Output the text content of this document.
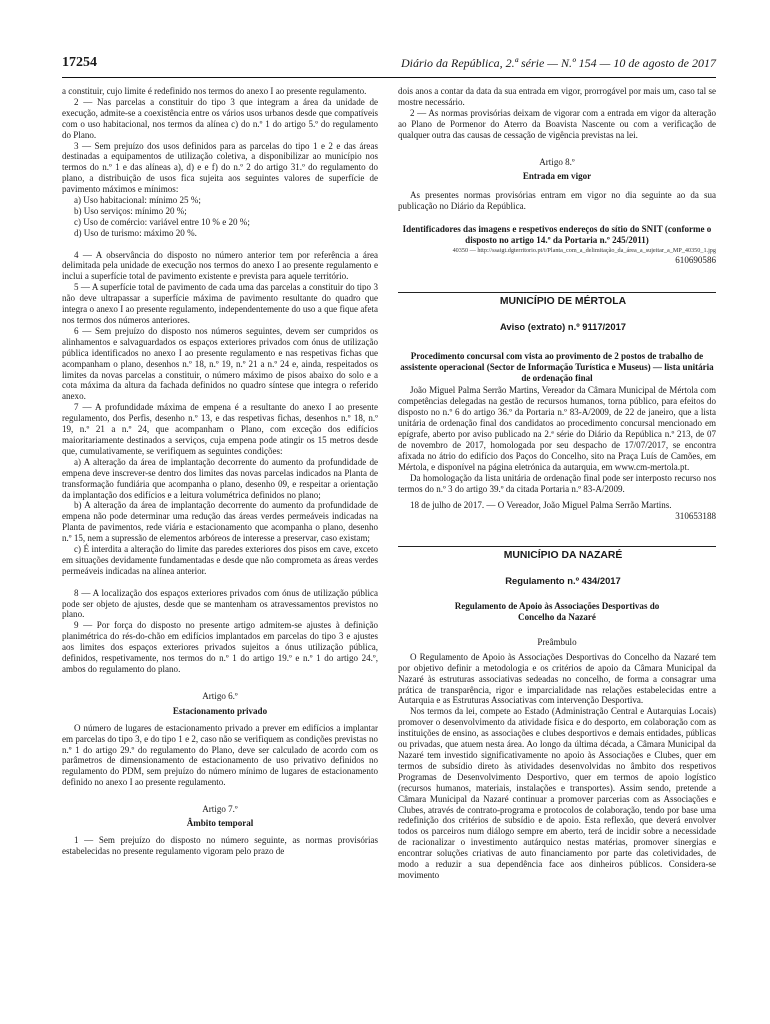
17254	Diário da República, 2.ª série — N.º 154 — 10 de agosto de 2017

a constituir, cujo limite é redefinido nos termos do anexo I ao presente regulamento.

2 — Nas parcelas a constituir do tipo 3 que integram a área da unidade de execução, admite-se a coexistência entre os vários usos urbanos desde que compatíveis com o uso habitacional, nos termos da alínea c) do n.º 1 do artigo 5.º do regulamento do Plano.

3 — Sem prejuízo dos usos definidos para as parcelas do tipo 1 e 2 e das áreas destinadas a equipamentos de utilização coletiva, a disponibilizar ao município nos termos do n.º 1 e das alíneas a), d) e e f) do n.º 2 do artigo 31.º do regulamento do plano, a distribuição de usos fica sujeita aos seguintes valores de superfície de pavimento máximos e mínimos:

a) Uso habitacional: mínimo 25 %;

b) Uso serviços: mínimo 20 %;

c) Uso de comércio: variável entre 10 % e 20 %;

d) Uso de turismo: máximo 20 %.

4 — A observância do disposto no número anterior tem por referência a área delimitada pela unidade de execução nos termos do anexo I ao presente regulamento e inclui a superfície total de pavimento existente e prevista para aquele território.

5 — A superfície total de pavimento de cada uma das parcelas a constituir do tipo 3 não deve ultrapassar a superfície máxima de pavimento resultante do quadro que integra o anexo I ao presente regulamento, independentemente do uso a que fique afeta nos termos dos números anteriores.

6 — Sem prejuízo do disposto nos números seguintes, devem ser cumpridos os alinhamentos e salvaguardados os espaços exteriores privados com ónus de utilização pública identificados no anexo I ao presente regulamento e nas respetivas fichas que acompanham o plano, desenhos n.º 18, n.º 19, n.º 21 a n.º 24 e, ainda, respeitados os limites da novas parcelas a constituir, o número máximo de pisos abaixo do solo e a cota máxima da altura da fachada definidos no quadro síntese que integra o referido anexo.

7 — A profundidade máxima de empena é a resultante do anexo I ao presente regulamento, dos Perfis, desenho n.º 13, e das respetivas fichas, desenhos n.º 18, n.º 19, n.º 21 a n.º 24, que acompanham o Plano, com exceção dos edifícios maioritariamente destinados a serviços, cuja empena pode atingir os 15 metros desde que, cumulativamente, se verifiquem as seguintes condições:

a) A alteração da área de implantação decorrente do aumento da profundidade de empena deve inscrever-se dentro dos limites das novas parcelas indicados na Planta de transformação fundiária que acompanha o plano, desenho 09, e respeitar a orientação da implantação dos edifícios e a leitura volumétrica definidos no plano;

b) A alteração da área de implantação decorrente do aumento da profundidade de empena não pode determinar uma redução das áreas verdes permeáveis indicadas na Planta de pavimentos, rede viária e estacionamento que acompanha o plano, desenho n.º 15, nem a supressão de elementos arbóreos de interesse a preservar, caso existam;

c) É interdita a alteração do limite das paredes exteriores dos pisos em cave, exceto em situações devidamente fundamentadas e desde que não comprometa as áreas verdes permeáveis indicadas na alínea anterior.

8 — A localização dos espaços exteriores privados com ónus de utilização pública pode ser objeto de ajustes, desde que se mantenham os atravessamentos previstos no plano.

9 — Por força do disposto no presente artigo admitem-se ajustes à definição planimétrica do rés-do-chão em edifícios implantados em parcelas do tipo 3 e ajustes aos limites dos espaços exteriores privados sujeitos a ónus utilização pública, definidos, respetivamente, nos termos do n.º 1 do artigo 19.º e n.º 1 do artigo 24.º, ambos do regulamento do plano.

Artigo 6.º

Estacionamento privado

O número de lugares de estacionamento privado a prever em edifícios a implantar em parcelas do tipo 3, e do tipo 1 e 2, caso não se verifiquem as condições previstas no n.º 1 do artigo 29.º do regulamento do Plano, deve ser calculado de acordo com os parâmetros de dimensionamento de estacionamento de uso privativo definidos no regulamento do PDM, sem prejuízo do número mínimo de lugares de estacionamento definido no anexo I ao presente regulamento.

Artigo 7.º

Âmbito temporal

1 — Sem prejuízo do disposto no número seguinte, as normas provisórias estabelecidas no presente regulamento vigoram pelo prazo de

dois anos a contar da data da sua entrada em vigor, prorrogável por mais um, caso tal se mostre necessário.

2 — As normas provisórias deixam de vigorar com a entrada em vigor da alteração ao Plano de Pormenor do Aterro da Boavista Nascente ou com a verificação de qualquer outra das causas de cessação de vigência previstas na lei.

Artigo 8.º

Entrada em vigor

As presentes normas provisórias entram em vigor no dia seguinte ao da sua publicação no Diário da República.

Identificadores das imagens e respetivos endereços do sítio do SNIT (conforme o disposto no artigo 14.º da Portaria n.º 245/2011)

40350 — http://ssaigt.dgterritorio.pt/i/Planta_com_a_delimitação_da_área_a_sujeitar_a_MP_40350_1.jpg

610690586

MUNICÍPIO DE MÉRTOLA

Aviso (extrato) n.º 9117/2017

Procedimento concursal com vista ao provimento de 2 postos de trabalho de assistente operacional (Sector de Informação Turística e Museus) — lista unitária de ordenação final

João Miguel Palma Serrão Martins, Vereador da Câmara Municipal de Mértola com competências delegadas na gestão de recursos humanos, torna público, para efeitos do disposto no n.º 6 do artigo 36.º da Portaria n.º 83-A/2009, de 22 de janeiro, que a lista unitária de ordenação final dos candidatos ao procedimento concursal mencionado em epígrafe, aberto por aviso publicado na 2.ª série do Diário da República n.º 213, de 07 de novembro de 2017, homologada por seu despacho de 17/07/2017, se encontra afixada no átrio do edifício dos Paços do Concelho, sito na Praça Luís de Camões, em Mértola, e disponível na página eletrónica da autarquia, em www.cm-mertola.pt.

Da homologação da lista unitária de ordenação final pode ser interposto recurso nos termos do n.º 3 do artigo 39.º da citada Portaria n.º 83-A/2009.

18 de julho de 2017. — O Vereador, João Miguel Palma Serrão Martins.

310653188

MUNICÍPIO DA NAZARÉ

Regulamento n.º 434/2017

Regulamento de Apoio às Associações Desportivas do Concelho da Nazaré

Preâmbulo

O Regulamento de Apoio às Associações Desportivas do Concelho da Nazaré tem por objetivo definir a metodologia e os critérios de apoio da Câmara Municipal da Nazaré às estruturas associativas sedeadas no concelho, de forma a consagrar uma prática de transparência, rigor e imparcialidade nas relações estabelecidas entre a Autarquia e as Estruturas Associativas com intervenção Desportiva.

Nos termos da lei, compete ao Estado (Administração Central e Autarquias Locais) promover o desenvolvimento da atividade física e do desporto, em colaboração com as instituições de ensino, as associações e clubes desportivos e demais entidades, públicas ou privadas, que atuem nesta área. Ao longo da última década, a Câmara Municipal da Nazaré tem investido significativamente no apoio às Associações e Clubes, quer em termos de subsídio direto às atividades desenvolvidas no âmbito dos respetivos Programas de Desenvolvimento Desportivo, quer em termos de apoio logístico (recursos humanos, materiais, instalações e transportes). Assim sendo, pretende a Câmara Municipal da Nazaré continuar a promover parcerias com as Associações e Clubes, através de contrato-programa e protocolos de colaboração, tendo por base uma redefinição dos critérios de subsídio e de apoio. Esta reflexão, que deverá envolver todos os parceiros num diálogo sempre em aberto, terá de incidir sobre a necessidade de racionalizar o investimento autárquico nestas matérias, promover sinergias e encontrar soluções criativas de auto financiamento por parte das coletividades, de modo a reduzir a sua dependência face aos dinheiros públicos. Considera-se movimento
